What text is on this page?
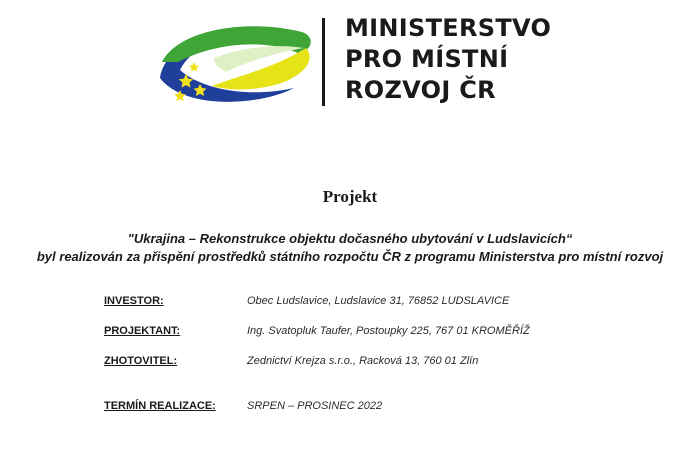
MINISTERSTVO
PRO MÍSTNÍ
ROZVOJ ČR
Projekt

"Ukrajina – Rekonstrukce objektu dočasného ubytování v Ludslavicích“
byl realizován za přispění prostředků státního rozpočtu ČR z programu Ministerstva pro místní rozvoj

INVESTOR:	Obec Ludslavice, Ludslavice 31, 76852 LUDSLAVICE
PROJEKTANT:	Ing. Svatopluk Taufer, Postoupky 225, 767 01 KROMĚŘÍŽ
ZHOTOVITEL:	Zednictví Krejza s.r.o., Racková 13, 760 01 Zlín
TERMÍN REALIZACE:	SRPEN – PROSINEC 2022
